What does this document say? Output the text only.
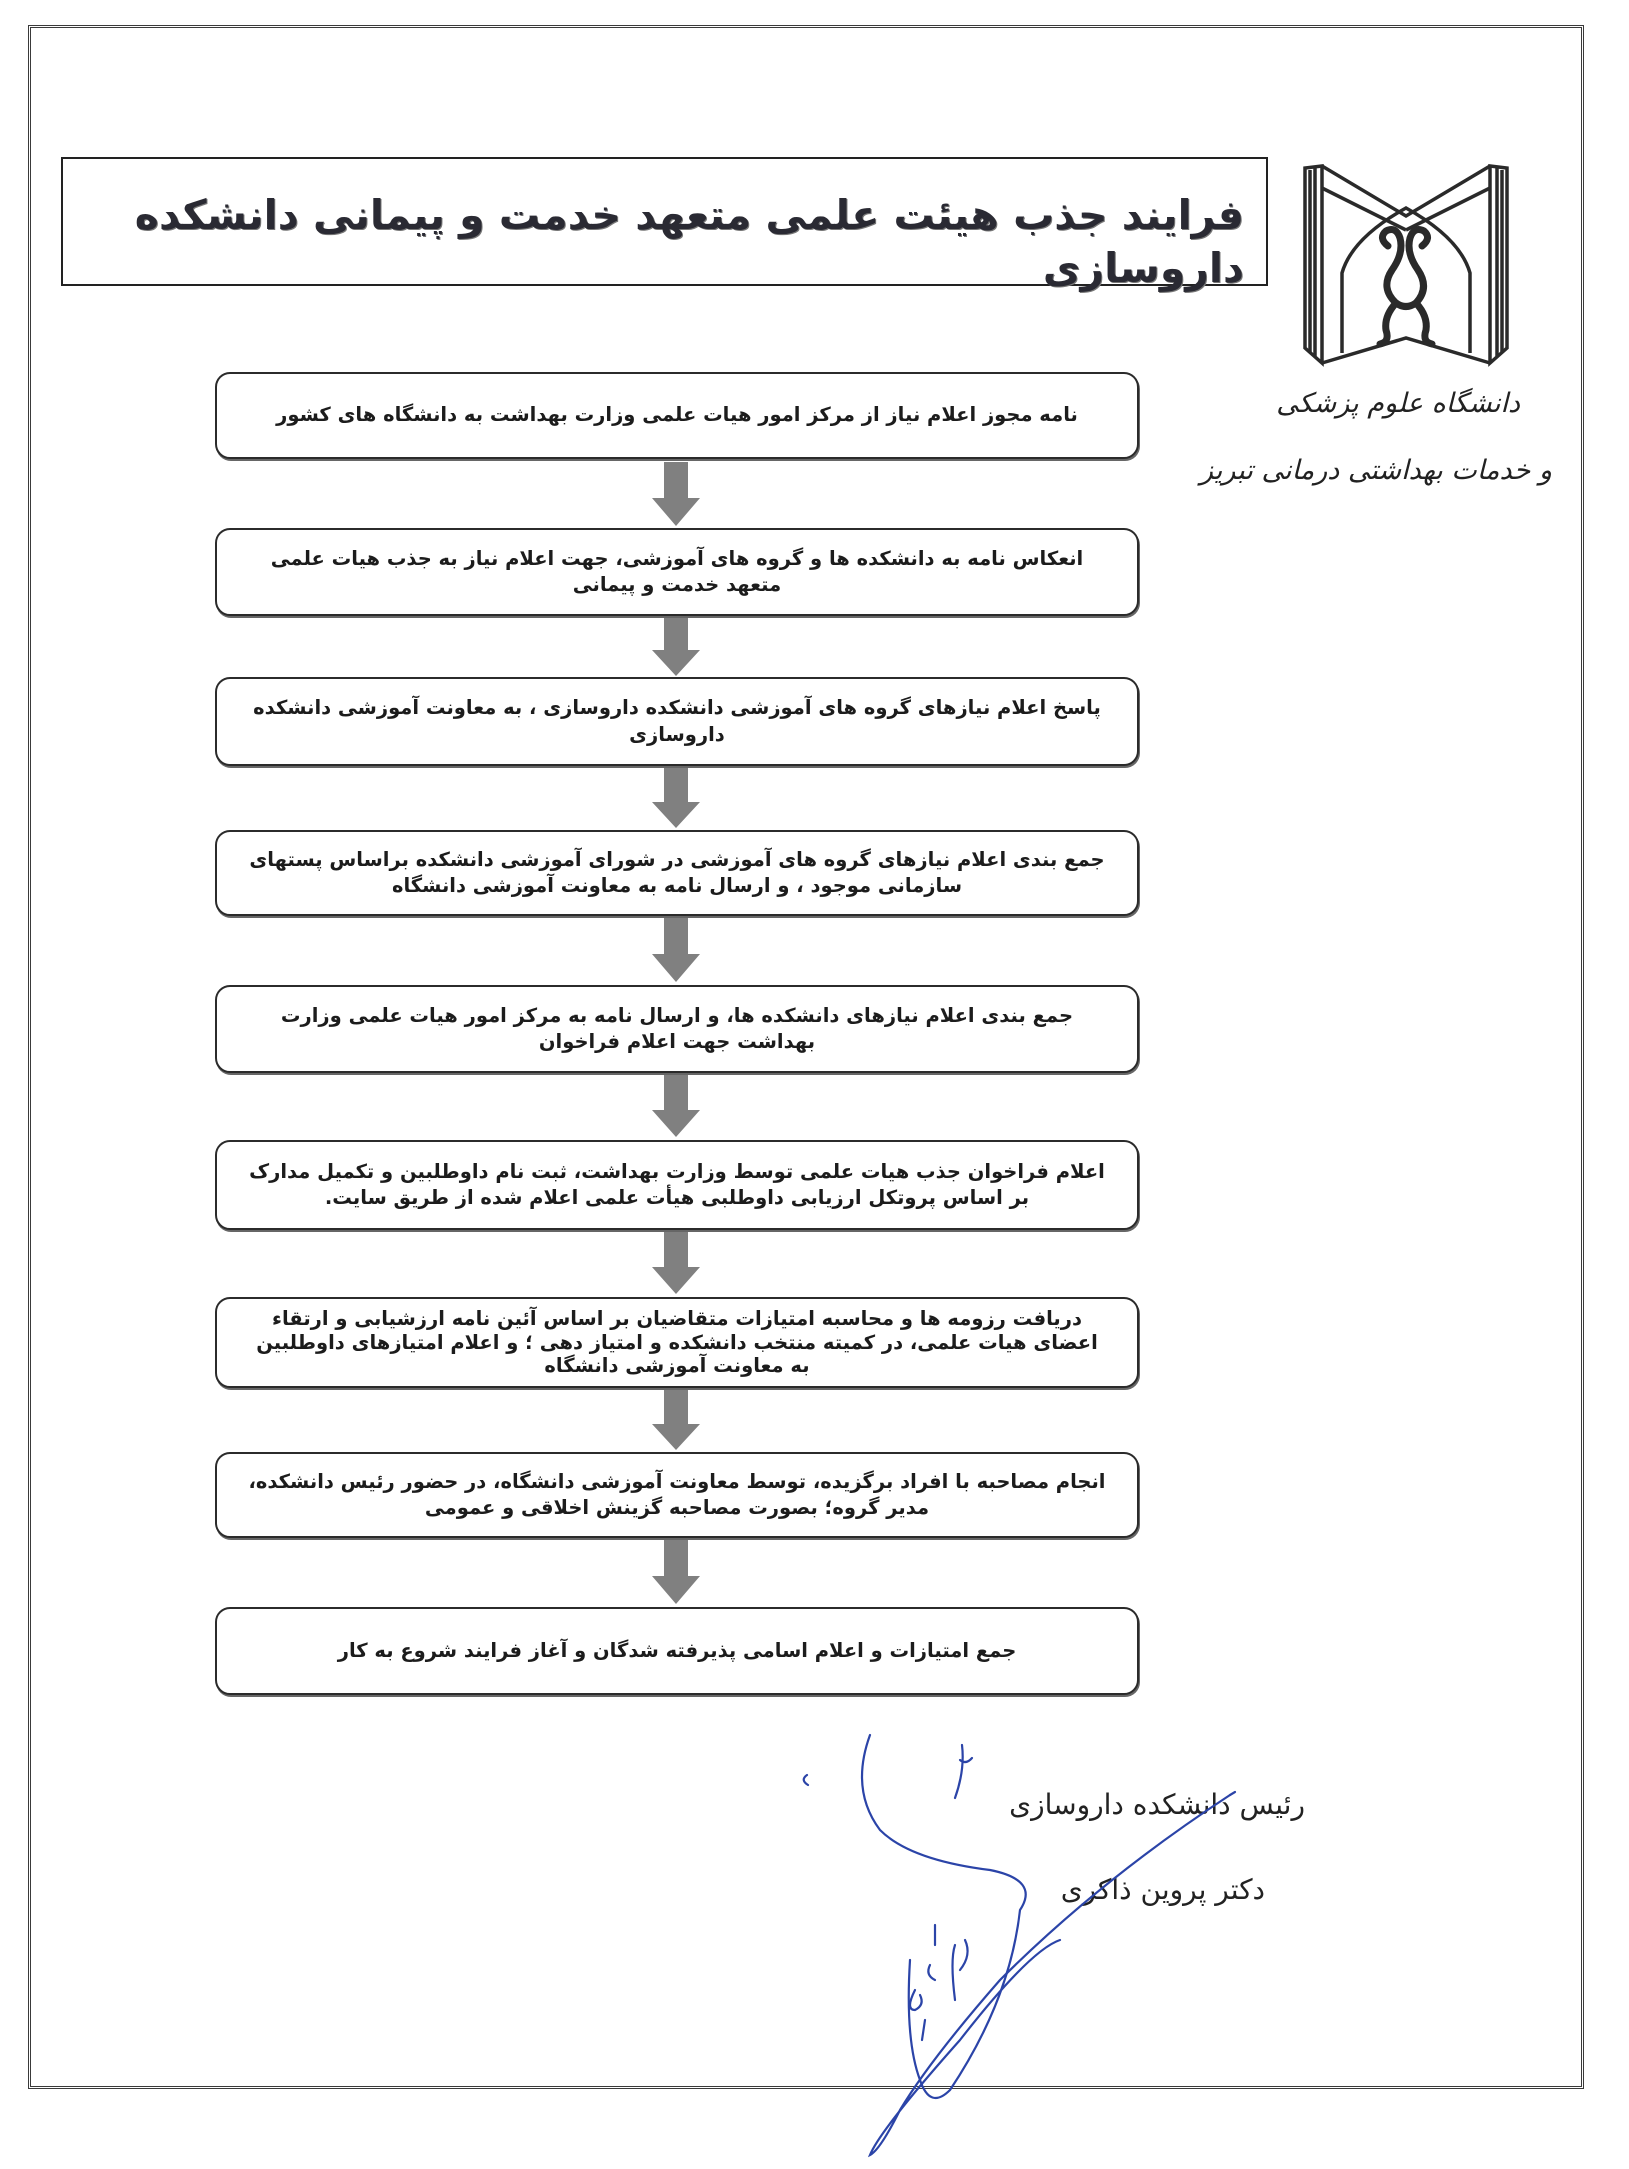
فرایند جذب هیئت علمی متعهد خدمت و پیمانی دانشکده داروسازی
دانشگاه علوم پزشکی
و خدمات بهداشتی درمانی تبریز
نامه مجوز اعلام نیاز از مرکز امور هیات علمی وزارت بهداشت به دانشگاه های کشور
انعکاس نامه به دانشکده ها و گروه های آموزشی، جهت اعلام نیاز به جذب هیات علمی متعهد خدمت و پیمانی
پاسخ اعلام نیازهای گروه های آموزشی دانشکده داروسازی ، به معاونت آموزشی دانشکده داروسازی
جمع بندی اعلام نیازهای گروه های آموزشی در شورای آموزشی دانشکده براساس پستهای سازمانی موجود ، و ارسال نامه به معاونت آموزشی دانشگاه
جمع بندی اعلام نیازهای دانشکده ها، و ارسال نامه به مرکز امور هیات علمی وزارت بهداشت جهت اعلام فراخوان
اعلام فراخوان جذب هیات علمی توسط وزارت بهداشت، ثبت نام داوطلبین و تکمیل مدارک بر اساس پروتکل ارزیابی داوطلبی هیأت علمی اعلام شده از طریق سایت.
دریافت رزومه ها و محاسبه امتیازات متقاضیان بر اساس آئین نامه ارزشیابی و ارتقاء اعضای هیات علمی، در کمیته منتخب دانشکده و امتیاز دهی ؛ و اعلام امتیازهای داوطلبین به معاونت آموزشی دانشگاه
انجام مصاحبه با افراد برگزیده، توسط معاونت آموزشی دانشگاه، در حضور رئیس دانشکده، مدیر گروه؛ بصورت مصاحبه گزینش اخلاقی و عمومی
جمع امتیازات و اعلام اسامی پذیرفته شدگان و آغاز فرایند شروع به کار
رئیس دانشکده داروسازی
دکتر پروین ذاکری
